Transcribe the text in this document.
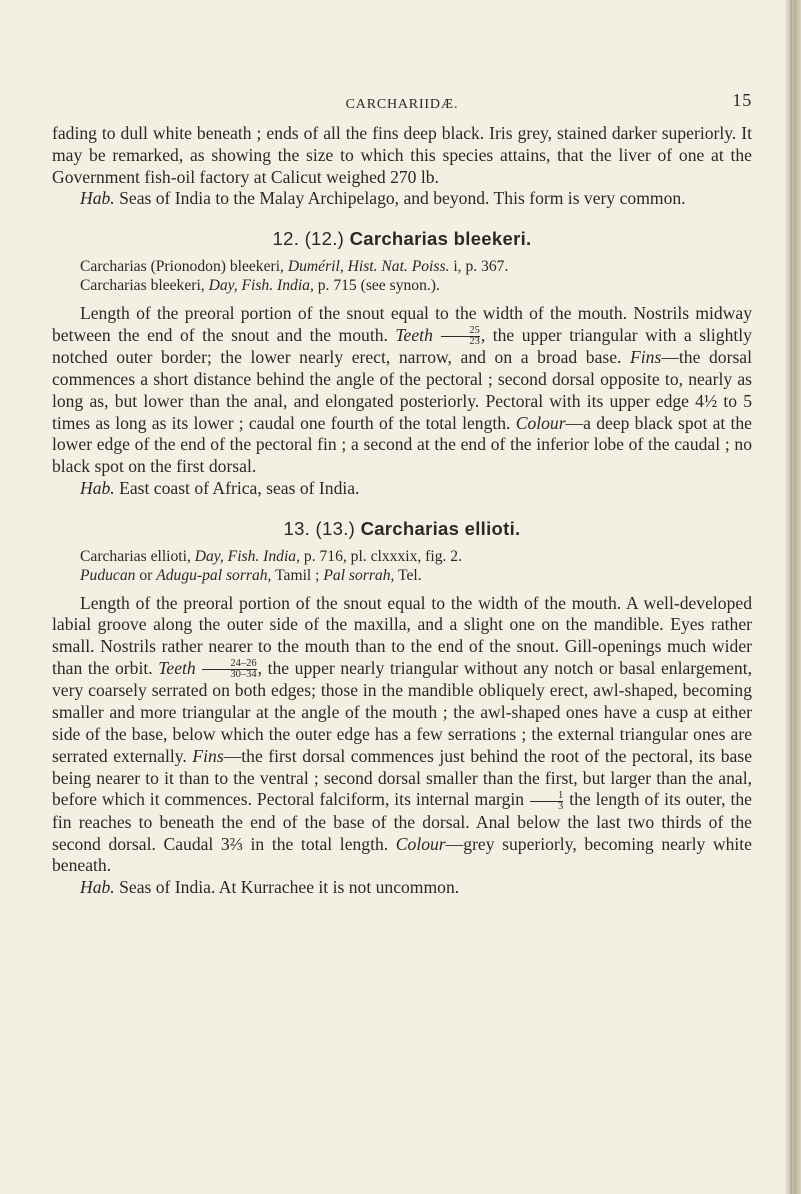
CARCHARIIDÆ.	15

fading to dull white beneath ; ends of all the fins deep black. Iris grey, stained darker superiorly. It may be remarked, as showing the size to which this species attains, that the liver of one at the Government fish-oil factory at Calicut weighed 270 lb.

Hab. Seas of India to the Malay Archipelago, and beyond. This form is very common.

12. (12.) Carcharias bleekeri.

Carcharias (Prionodon) bleekeri, Duméril, Hist. Nat. Poiss. i, p. 367.

Carcharias bleekeri, Day, Fish. India, p. 715 (see synon.).

Length of the preoral portion of the snout equal to the width of the mouth. Nostrils midway between the end of the snout and the mouth. Teeth $\frac{25}{23}$ , the upper triangular with a slightly notched outer border; the lower nearly erect, narrow, and on a broad base. Fins—the dorsal commences a short distance behind the angle of the pectoral ; second dorsal opposite to, nearly as long as, but lower than the anal, and elongated posteriorly. Pectoral with its upper edge 4½ to 5 times as long as its lower ; caudal one fourth of the total length. Colour—a deep black spot at the lower edge of the end of the pectoral fin ; a second at the end of the inferior lobe of the caudal ; no black spot on the first dorsal.

Hab. East coast of Africa, seas of India.

13. (13.) Carcharias ellioti.

Carcharias ellioti, Day, Fish. India, p. 716, pl. clxxxix, fig. 2.

Puducan or Adugu-pal sorrah, Tamil ; Pal sorrah, Tel.

Length of the preoral portion of the snout equal to the width of the mouth. A well-developed labial groove along the outer side of the maxilla, and a slight one on the mandible. Eyes rather small. Nostrils rather nearer to the mouth than to the end of the snout. Gill-openings much wider than the orbit. Teeth $\frac{24-26}{30-34}$ , the upper nearly triangular without any notch or basal enlargement, very coarsely serrated on both edges; those in the mandible obliquely erect, awl-shaped, becoming smaller and more triangular at the angle of the mouth ; the awl-shaped ones have a cusp at either side of the base, below which the outer edge has a few serrations ; the external triangular ones are serrated externally. Fins—the first dorsal commences just behind the root of the pectoral, its base being nearer to it than to the ventral ; second dorsal smaller than the first, but larger than the anal, before which it commences. Pectoral falciform, its internal margin $\frac{1}{3}$ the length of its outer, the fin reaches to beneath the end of the base of the dorsal. Anal below the last two thirds of the second dorsal. Caudal 3⅔ in the total length. Colour—grey superiorly, becoming nearly white beneath.

Hab. Seas of India. At Kurrachee it is not uncommon.
